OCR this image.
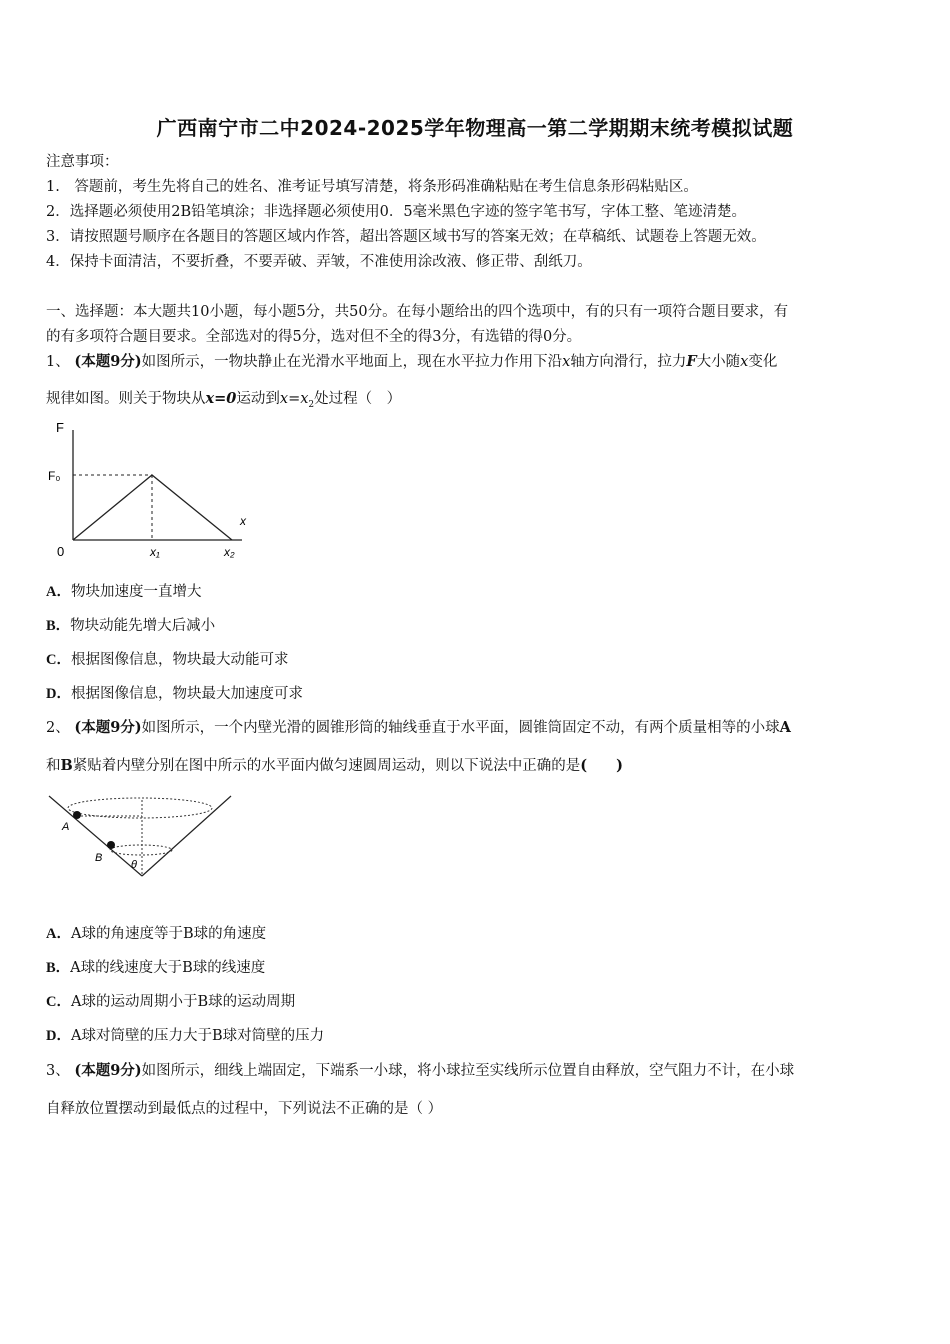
广西南宁市二中2024-2025学年物理高一第二学期期末统考模拟试题
注意事项：
1.　答题前，考生先将自己的姓名、准考证号填写清楚，将条形码准确粘贴在考生信息条形码粘贴区。
2．选择题必须使用2B铅笔填涂；非选择题必须使用0．5毫米黑色字迹的签字笔书写，字体工整、笔迹清楚。
3．请按照题号顺序在各题目的答题区域内作答，超出答题区域书写的答案无效；在草稿纸、试题卷上答题无效。
4．保持卡面清洁，不要折叠，不要弄破、弄皱，不准使用涂改液、修正带、刮纸刀。
一、选择题：本大题共10小题，每小题5分，共50分。在每小题给出的四个选项中，有的只有一项符合题目要求，有
的有多项符合题目要求。全部选对的得5分，选对但不全的得3分，有选错的得0分。
1、 (本题9分)如图所示，一物块静止在光滑水平地面上，现在水平拉力作用下沿x轴方向滑行，拉力F大小随x变化
规律如图。则关于物块从x=0运动到$x=x_2$处过程（　）
F
F₀
x
0	x₁	x₂
A．物块加速度一直增大
B．物块动能先增大后减小
C．根据图像信息，物块最大动能可求
D．根据图像信息，物块最大加速度可求
2、 (本题9分)如图所示，一个内壁光滑的圆锥形筒的轴线垂直于水平面，圆锥筒固定不动，有两个质量相等的小球A
和B紧贴着内壁分别在图中所示的水平面内做匀速圆周运动，则以下说法中正确的是(　　)
A
B
θ
A．A球的角速度等于B球的角速度
B．A球的线速度大于B球的线速度
C．A球的运动周期小于B球的运动周期
D．A球对筒壁的压力大于B球对筒壁的压力
3、 (本题9分)如图所示，细线上端固定，下端系一小球，将小球拉至实线所示位置自由释放，空气阻力不计，在小球
自释放位置摆动到最低点的过程中，下列说法不正确的是（ ）
